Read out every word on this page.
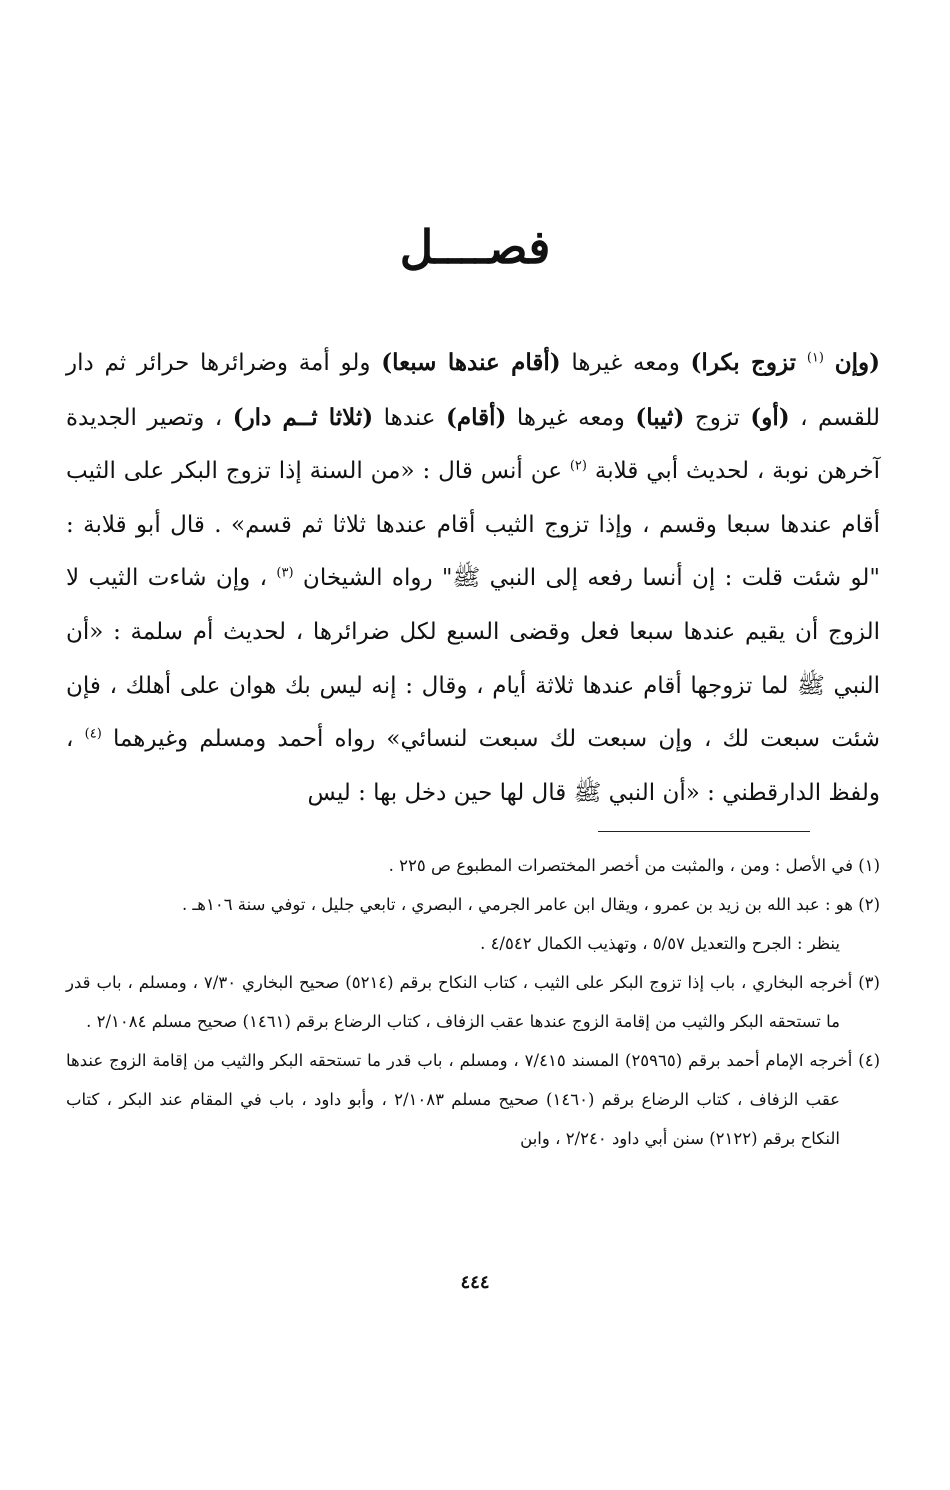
فصــــل

(وإن $^{(١)}$ تزوج بكرا) ومعه غيرها (أقام عندها سبعا) ولو أمة وضرائرها حرائر ثم دار للقسم ، (أو) تزوج (ثيبا) ومعه غيرها (أقام) عندها (ثلاثا ثــم دار) ، وتصير الجديدة آخرهن نوبة ، لحديث أبي قلابة $^{(٢)}$ عن أنس قال : «من السنة إذا تزوج البكر على الثيب أقام عندها سبعا وقسم ، وإذا تزوج الثيب أقام عندها ثلاثا ثم قسم» . قال أبو قلابة : "لو شئت قلت : إن أنسا رفعه إلى النبي ﷺ" رواه الشيخان $^{(٣)}$ ، وإن شاءت الثيب لا الزوج أن يقيم عندها سبعا فعل وقضى السبع لكل ضرائرها ، لحديث أم سلمة : «أن النبي ﷺ لما تزوجها أقام عندها ثلاثة أيام ، وقال : إنه ليس بك هوان على أهلك ، فإن شئت سبعت لك ، وإن سبعت لك سبعت لنسائي» رواه أحمد ومسلم وغيرهما $^{(٤)}$ ، ولفظ الدارقطني : «أن النبي ﷺ قال لها حين دخل بها : ليس

(١) في الأصل : ومن ، والمثبت من أخصر المختصرات المطبوع ص ٢٢٥ .

(٢) هو : عبد الله بن زيد بن عمرو ، ويقال ابن عامر الجرمي ، البصري ، تابعي جليل ، توفي سنة ١٠٦هـ .

ينظر : الجرح والتعديل ٥/٥٧ ، وتهذيب الكمال ٤/٥٤٢ .

(٣) أخرجه البخاري ، باب إذا تزوج البكر على الثيب ، كتاب النكاح برقم (٥٢١٤) صحيح البخاري ٧/٣٠ ، ومسلم ، باب قدر ما تستحقه البكر والثيب من إقامة الزوج عندها عقب الزفاف ، كتاب الرضاع برقم (١٤٦١) صحيح مسلم ٢/١٠٨٤ .

(٤) أخرجه الإمام أحمد برقم (٢٥٩٦٥) المسند ٧/٤١٥ ، ومسلم ، باب قدر ما تستحقه البكر والثيب من إقامة الزوج عندها عقب الزفاف ، كتاب الرضاع برقم (١٤٦٠) صحيح مسلم ٢/١٠٨٣ ، وأبو داود ، باب في المقام عند البكر ، كتاب النكاح برقم (٢١٢٢) سنن أبي داود ٢/٢٤٠ ، وابن

٤٤٤
